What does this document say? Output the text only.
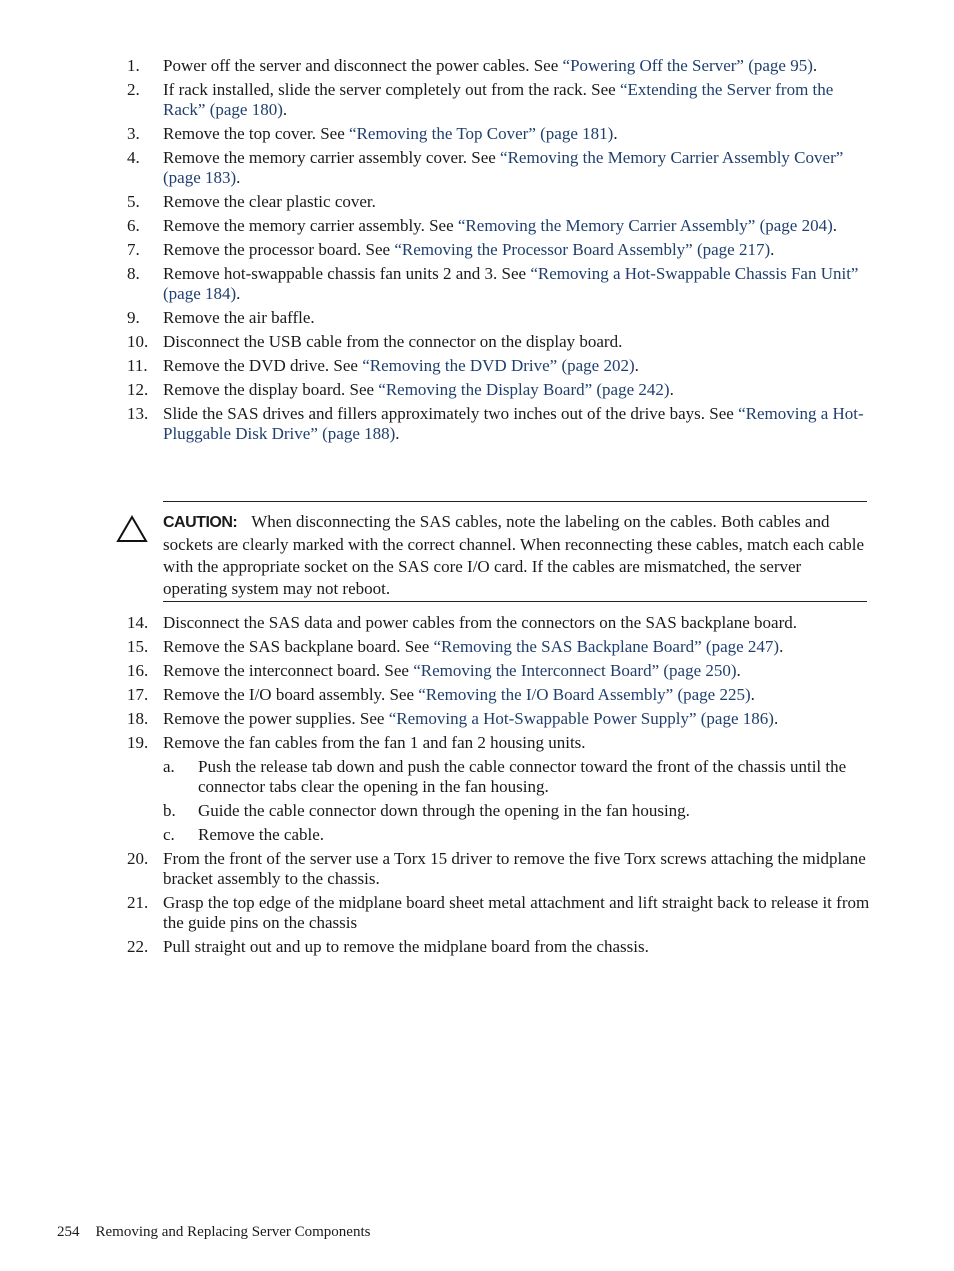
1. Power off the server and disconnect the power cables. See “Powering Off the Server” (page 95).
2. If rack installed, slide the server completely out from the rack. See “Extending the Server from the Rack” (page 180).
3. Remove the top cover. See “Removing the Top Cover” (page 181).
4. Remove the memory carrier assembly cover. See “Removing the Memory Carrier Assembly Cover” (page 183).
5. Remove the clear plastic cover.
6. Remove the memory carrier assembly. See “Removing the Memory Carrier Assembly” (page 204).
7. Remove the processor board. See “Removing the Processor Board Assembly” (page 217).
8. Remove hot-swappable chassis fan units 2 and 3. See “Removing a Hot-Swappable Chassis Fan Unit” (page 184).
9. Remove the air baffle.
10. Disconnect the USB cable from the connector on the display board.
11. Remove the DVD drive. See “Removing the DVD Drive” (page 202).
12. Remove the display board. See “Removing the Display Board” (page 242).
13. Slide the SAS drives and fillers approximately two inches out of the drive bays. See “Removing a Hot-Pluggable Disk Drive” (page 188).
CAUTION: When disconnecting the SAS cables, note the labeling on the cables. Both cables and sockets are clearly marked with the correct channel. When reconnecting these cables, match each cable with the appropriate socket on the SAS core I/O card. If the cables are mismatched, the server operating system may not reboot.
14. Disconnect the SAS data and power cables from the connectors on the SAS backplane board.
15. Remove the SAS backplane board. See “Removing the SAS Backplane Board” (page 247).
16. Remove the interconnect board. See “Removing the Interconnect Board” (page 250).
17. Remove the I/O board assembly. See “Removing the I/O Board Assembly” (page 225).
18. Remove the power supplies. See “Removing a Hot-Swappable Power Supply” (page 186).
19. Remove the fan cables from the fan 1 and fan 2 housing units.
a. Push the release tab down and push the cable connector toward the front of the chassis until the connector tabs clear the opening in the fan housing.
b. Guide the cable connector down through the opening in the fan housing.
c. Remove the cable.
20. From the front of the server use a Torx 15 driver to remove the five Torx screws attaching the midplane bracket assembly to the chassis.
21. Grasp the top edge of the midplane board sheet metal attachment and lift straight back to release it from the guide pins on the chassis
22. Pull straight out and up to remove the midplane board from the chassis.
254 Removing and Replacing Server Components
